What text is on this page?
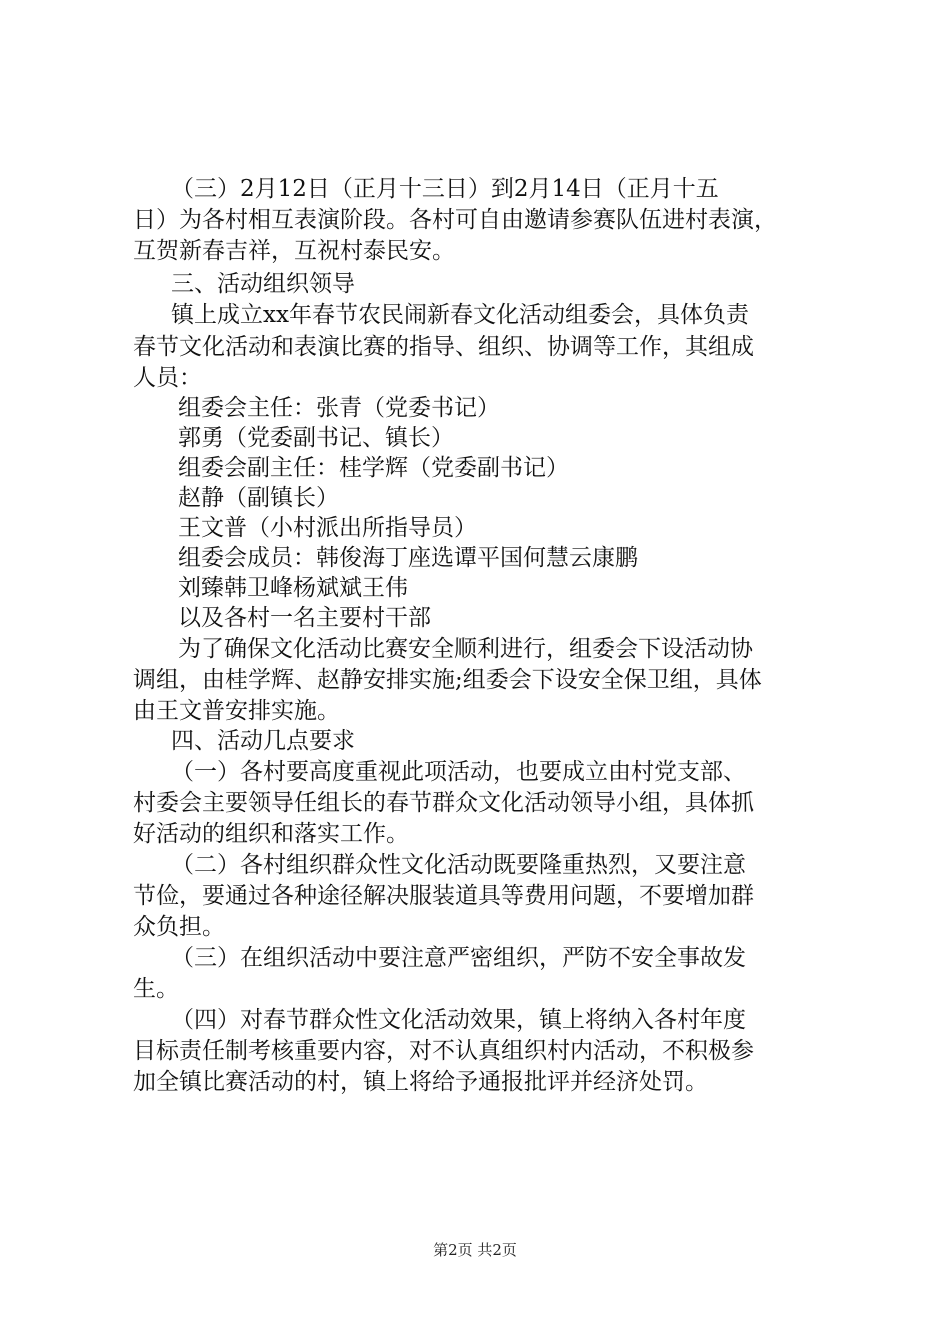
（三）2月12日（正月十三日）到2月14日（正月十五
日）为各村相互表演阶段。各村可自由邀请参赛队伍进村表演，
互贺新春吉祥，互祝村泰民安。
三、活动组织领导
镇上成立xx年春节农民闹新春文化活动组委会，具体负责
春节文化活动和表演比赛的指导、组织、协调等工作，其组成
人员：
组委会主任：张青（党委书记）
郭勇（党委副书记、镇长）
组委会副主任：桂学辉（党委副书记）
赵静（副镇长）
王文普（小村派出所指导员）
组委会成员：韩俊海丁座选谭平国何慧云康鹏
刘臻韩卫峰杨斌斌王伟
以及各村一名主要村干部
为了确保文化活动比赛安全顺利进行，组委会下设活动协
调组，由桂学辉、赵静安排实施;组委会下设安全保卫组，具体
由王文普安排实施。
四、活动几点要求
（一）各村要高度重视此项活动，也要成立由村党支部、
村委会主要领导任组长的春节群众文化活动领导小组，具体抓
好活动的组织和落实工作。
（二）各村组织群众性文化活动既要隆重热烈，又要注意
节俭，要通过各种途径解决服装道具等费用问题，不要增加群
众负担。
（三）在组织活动中要注意严密组织，严防不安全事故发
生。
（四）对春节群众性文化活动效果，镇上将纳入各村年度
目标责任制考核重要内容，对不认真组织村内活动，不积极参
加全镇比赛活动的村，镇上将给予通报批评并经济处罚。
第2页 共2页
